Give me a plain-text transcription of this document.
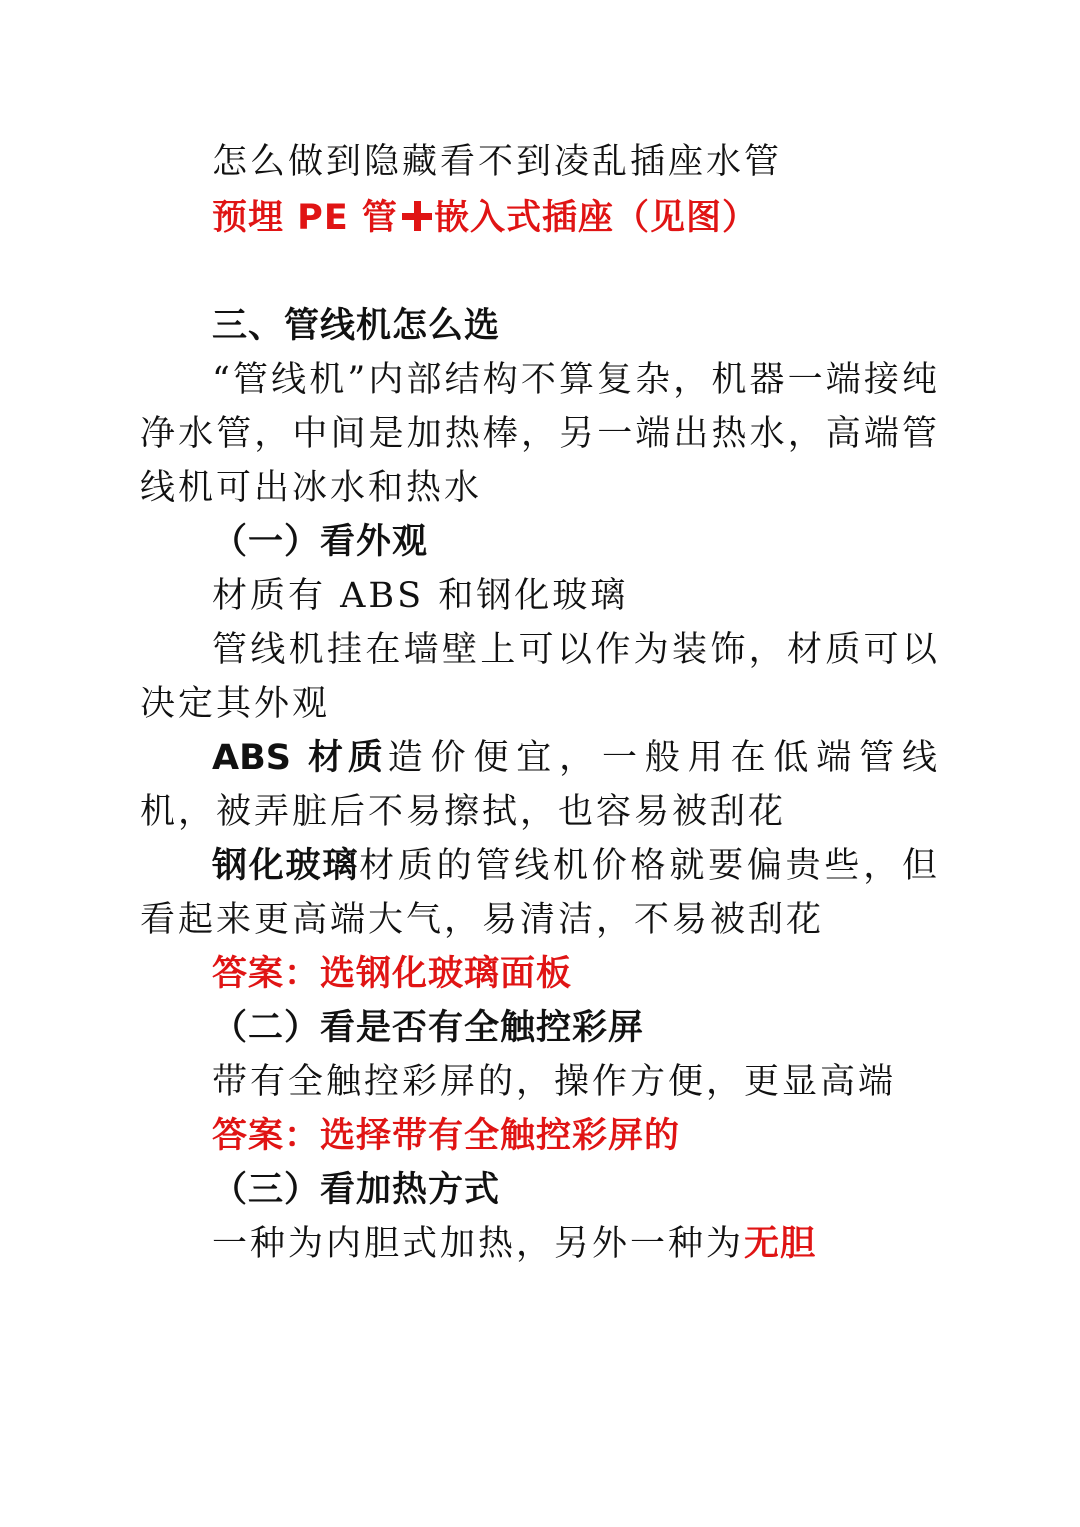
怎么做到隐藏看不到凌乱插座水管
预埋 PE 管 嵌入式插座（见图）
三、管线机怎么选

“管线机”内部结构不算复杂，机器一端接纯净水管，中间是加热棒，另一端出热水，高端管线机可出冰水和热水

（一）看外观

材质有 ABS 和钢化玻璃

管线机挂在墙壁上可以作为装饰，材质可以决定其外观

ABS 材质造价便宜，一般用在低端管线机，被弄脏后不易擦拭，也容易被刮花

钢化玻璃材质的管线机价格就要偏贵些，但看起来更高端大气，易清洁，不易被刮花

答案：选钢化玻璃面板
（二）看是否有全触控彩屏

带有全触控彩屏的，操作方便，更显高端

答案：选择带有全触控彩屏的
（三）看加热方式

一种为内胆式加热，另外一种为无胆
